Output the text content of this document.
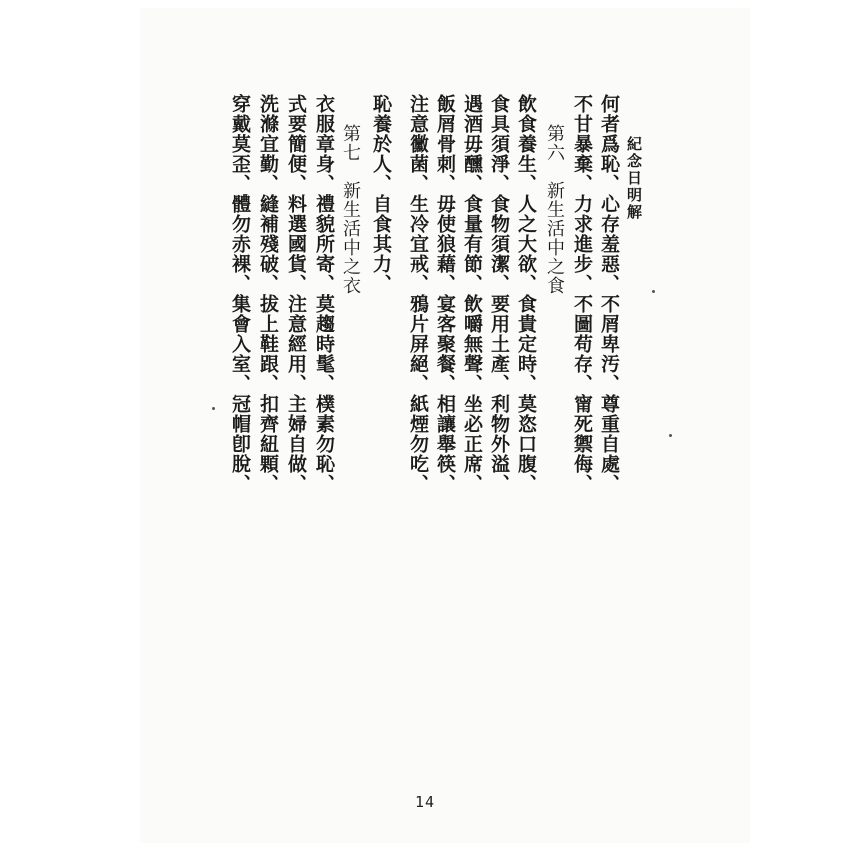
紀念日明解
何者爲恥、心存羞惡、不屑卑汚、尊重自處、
不甘暴棄、力求進步、不圖苟存、甯死禦侮、
第六　新生活中之食
飲食養生、人之大欲、食貴定時、莫恣口腹、
食具須淨、食物須潔、要用土產、利物外溢、
遇酒毋醺、食量有節、飲嚼無聲、坐必正席、
飯屑骨刺、毋使狼藉、宴客聚餐、相讓舉筷、
注意黴菌、生冷宜戒、鴉片屏絕、紙煙勿吃、
恥養於人、自食其力、
第七　新生活中之衣
衣服章身、禮貌所寄、莫趨時髦、樸素勿恥、
式要簡便、料選國貨、注意經用、主婦自做、
洗滌宜勤、縫補殘破、拔上鞋跟、扣齊紐顆、
穿戴莫歪、體勿赤裸、集會入室、冠帽卽脫、
14
